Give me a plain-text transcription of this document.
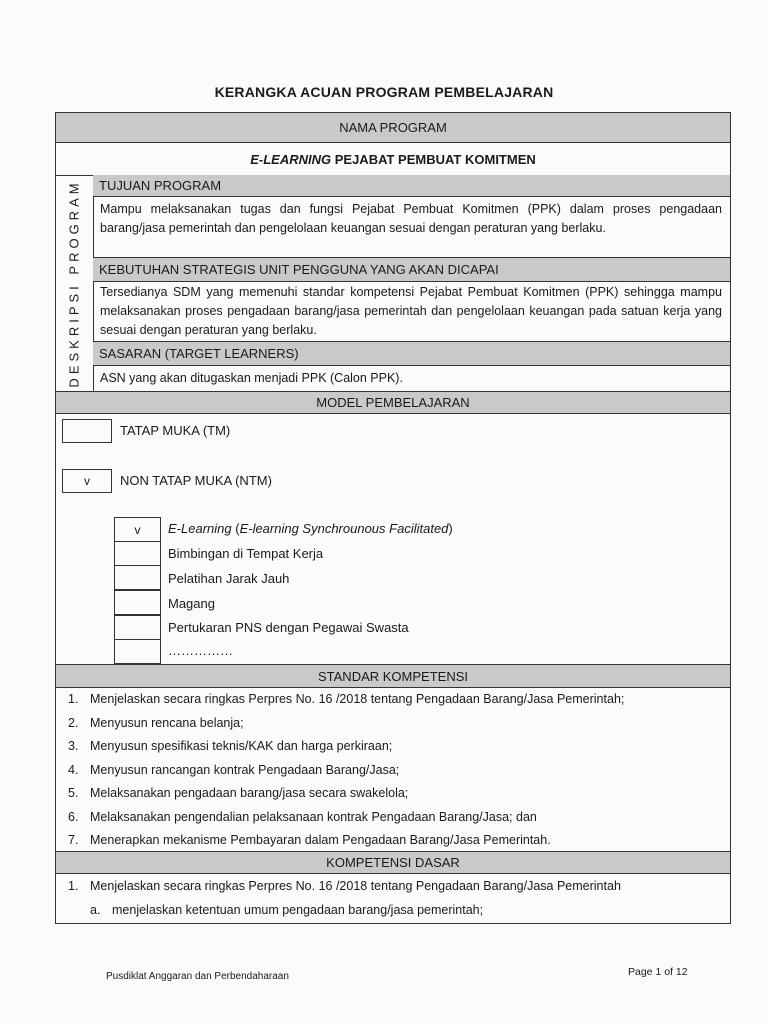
KERANGKA ACUAN PROGRAM PEMBELAJARAN
NAMA PROGRAM
E-LEARNING PEJABAT PEMBUAT KOMITMEN
DESKRIPSI PROGRAM	TUJUAN PROGRAM
Mampu melaksanakan tugas dan fungsi Pejabat Pembuat Komitmen (PPK) dalam proses pengadaan barang/jasa pemerintah dan pengelolaan keuangan sesuai dengan peraturan yang berlaku.
KEBUTUHAN STRATEGIS UNIT PENGGUNA YANG AKAN DICAPAI
Tersedianya SDM yang memenuhi standar kompetensi Pejabat Pembuat Komitmen (PPK) sehingga mampu melaksanakan proses pengadaan barang/jasa pemerintah dan pengelolaan keuangan pada satuan kerja yang sesuai dengan peraturan yang berlaku.
SASARAN (TARGET LEARNERS)
ASN yang akan ditugaskan menjadi PPK (Calon PPK).
MODEL PEMBELAJARAN
TATAP MUKA (TM)
v	NON TATAP MUKA (NTM)
v	E-Learning (E-learning Synchrounous Facilitated)
Bimbingan di Tempat Kerja
Pelatihan Jarak Jauh
Magang
Pertukaran PNS dengan Pegawai Swasta
……………
STANDAR KOMPETENSI
1. Menjelaskan secara ringkas Perpres No. 16 /2018 tentang Pengadaan Barang/Jasa Pemerintah;
2. Menyusun rencana belanja;
3. Menyusun spesifikasi teknis/KAK dan harga perkiraan;
4. Menyusun rancangan kontrak Pengadaan Barang/Jasa;
5. Melaksanakan pengadaan barang/jasa secara swakelola;
6. Melaksanakan pengendalian pelaksanaan kontrak Pengadaan Barang/Jasa; dan
7. Menerapkan mekanisme Pembayaran dalam Pengadaan Barang/Jasa Pemerintah.
KOMPETENSI DASAR
1. Menjelaskan secara ringkas Perpres No. 16 /2018 tentang Pengadaan Barang/Jasa Pemerintah
a. menjelaskan ketentuan umum pengadaan barang/jasa pemerintah;
Pusdiklat Anggaran dan Perbendaharaan	Page 1 of 12
